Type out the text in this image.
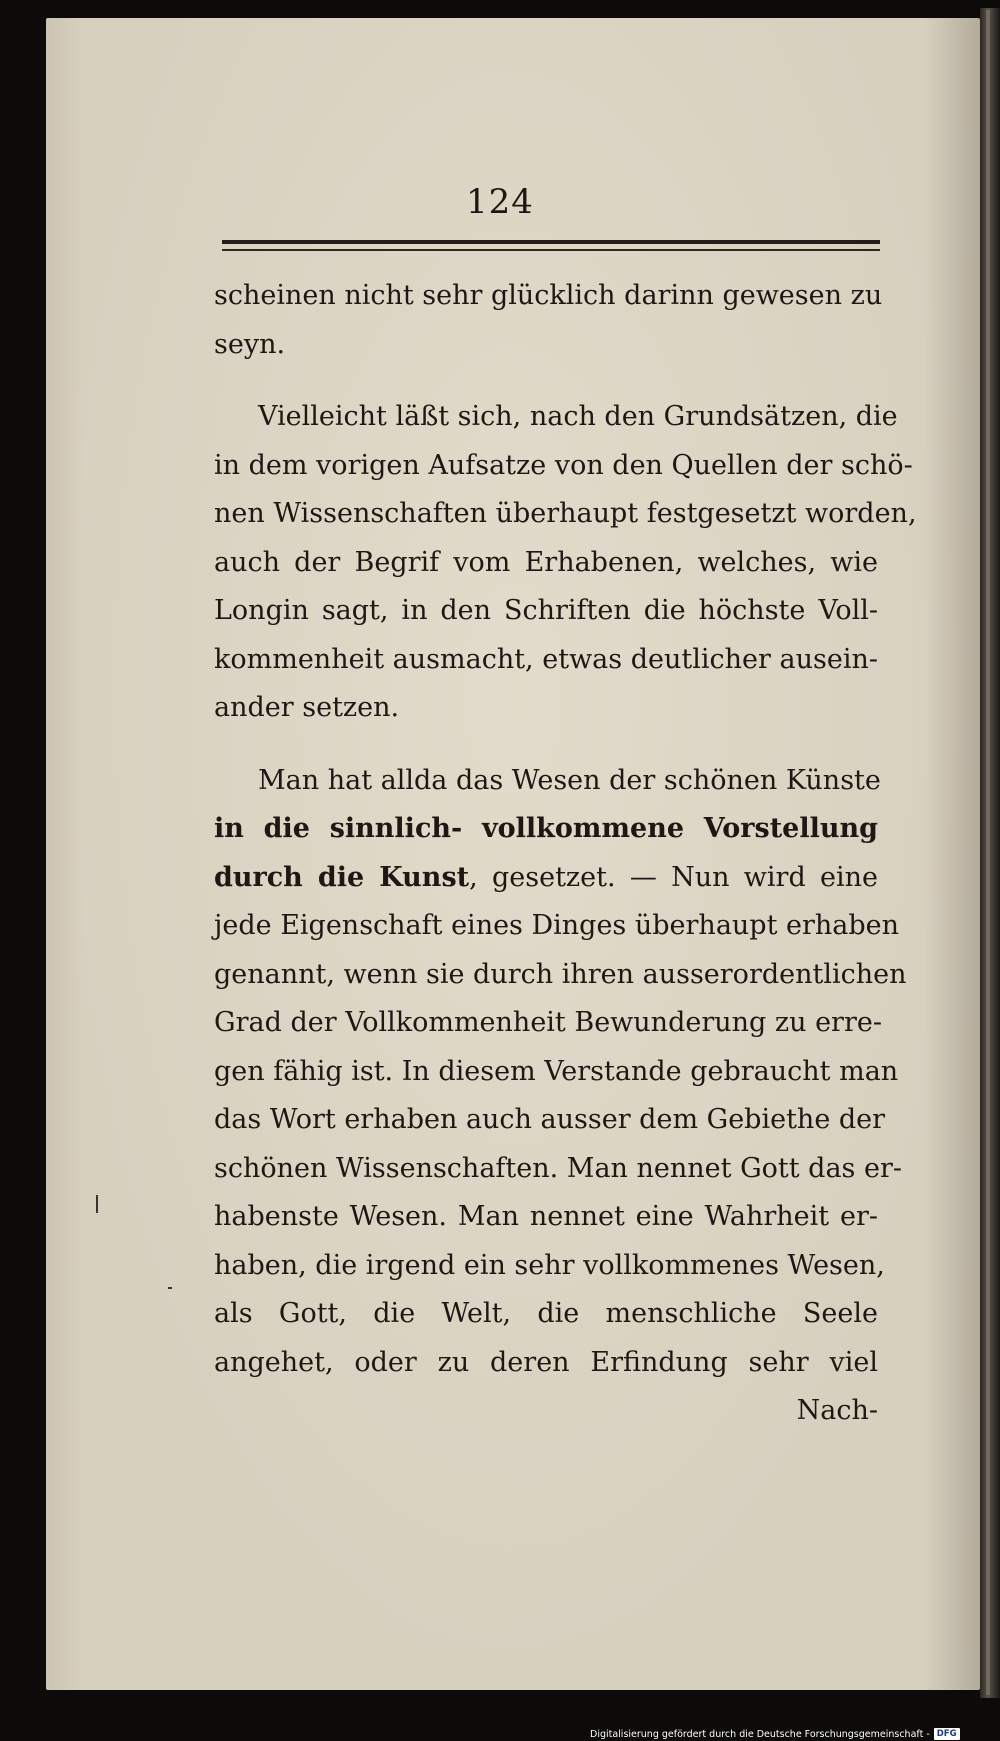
124
scheinen nicht sehr glücklich darinn gewesen zu
seyn.
Vielleicht läßt sich, nach den Grundsätzen, die
in dem vorigen Aufsatze von den Quellen der schö-
nen Wissenschaften überhaupt festgesetzt worden,
auch der Begrif vom Erhabenen, welches, wie
Longin sagt, in den Schriften die höchste Voll-
kommenheit ausmacht, etwas deutlicher ausein-
ander setzen.
Man hat allda das Wesen der schönen Künste
in die sinnlich- vollkommene Vorstellung
durch die Kunst, gesetzet. — Nun wird eine
jede Eigenschaft eines Dinges überhaupt erhaben
genannt, wenn sie durch ihren ausserordentlichen
Grad der Vollkommenheit Bewunderung zu erre-
gen fähig ist. In diesem Verstande gebraucht man
das Wort erhaben auch ausser dem Gebiethe der
schönen Wissenschaften. Man nennet Gott das er-
habenste Wesen. Man nennet eine Wahrheit er-
haben, die irgend ein sehr vollkommenes Wesen,
als Gott, die Welt, die menschliche Seele
angehet, oder zu deren Erfindung sehr viel
Nach-
Digitalisierung gefördert durch die Deutsche Forschungsgemeinschaft - DFG
